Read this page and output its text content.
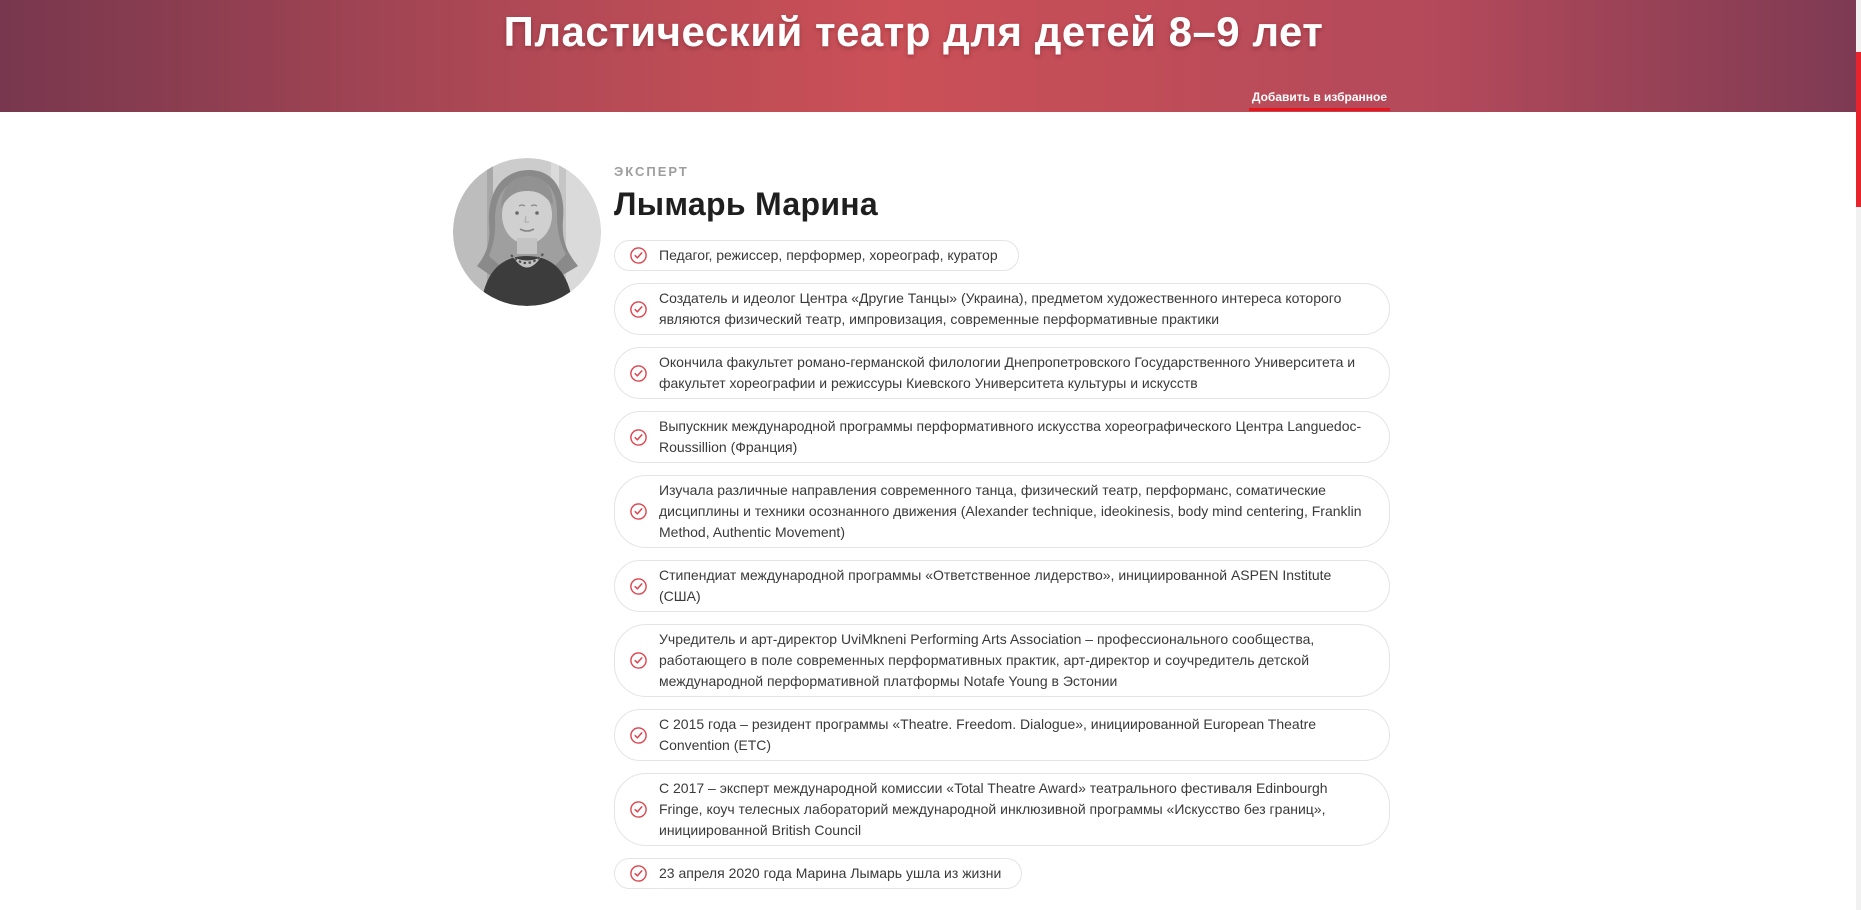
Пластический театр для детей 8–9 лет
Добавить в избранное
ЭКСПЕРТ
Лымарь Марина
Педагог, режиссер, перформер, хореограф, куратор
Создатель и идеолог Центра «Другие Танцы» (Украина), предметом художественного интереса которого являются физический театр, импровизация, современные перформативные практики
Окончила факультет романо-германской филологии Днепропетровского Государственного Университета и факультет хореографии и режиссуры Киевского Университета культуры и искусств
Выпускник международной программы перформативного искусства хореографического Центра Languedoc-Roussillion (Франция)
Изучала различные направления современного танца, физический театр, перформанс, соматические дисциплины и техники осознанного движения (Alexander technique, ideokinesis, body mind centering, Franklin Method, Authentic Movement)
Стипендиат международной программы «Ответственное лидерство», инициированной ASPEN Institute (США)
Учредитель и арт-директор UviMkneni Performing Arts Association – профессионального сообщества, работающего в поле современных перформативных практик, арт-директор и соучредитель детской международной перформативной платформы Notafe Young в Эстонии
С 2015 года – резидент программы «Theatre. Freedom. Dialogue», инициированной European Theatre Convention (ETC)
С 2017 – эксперт международной комиссии «Total Theatre Award» театрального фестиваля Edinbourgh Fringe, коуч телесных лабораторий международной инклюзивной программы «Искусство без границ», инициированной British Council
23 апреля 2020 года Марина Лымарь ушла из жизни
